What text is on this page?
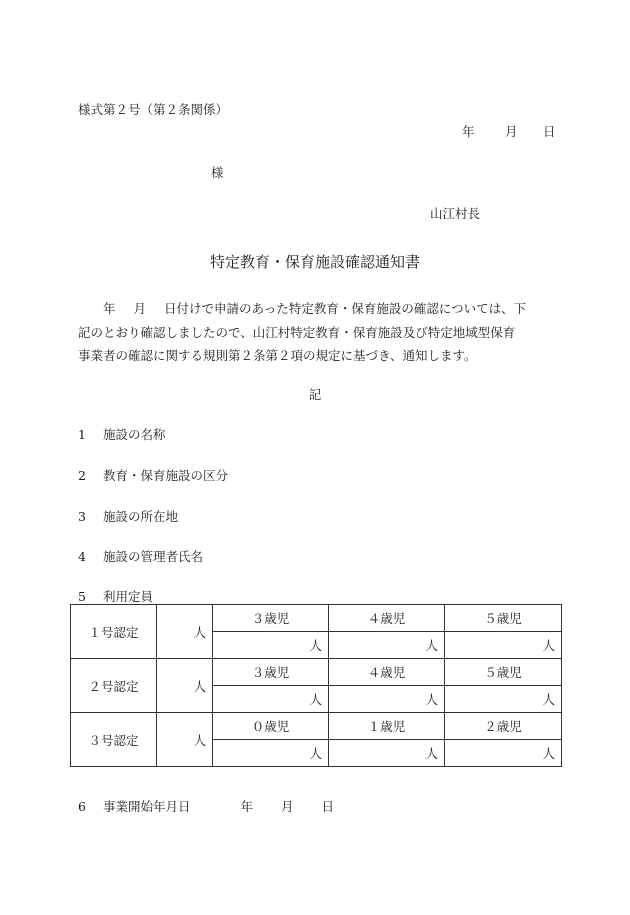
様式第２号（第２条関係）
年 月 日
様
山江村長
特定教育・保育施設確認通知書
年 月 日付けで申請のあった特定教育・保育施設の確認については、下
記のとおり確認しましたので、山江村特定教育・保育施設及び特定地域型保育
事業者の確認に関する規則第２条第２項の規定に基づき、通知します。
記
1 施設の名称
2 教育・保育施設の区分
3 施設の所在地
4 施設の管理者氏名
5 利用定員
１号認定	人	３歳児	４歳児	５歳児
		人	人	人
２号認定	人	３歳児	４歳児	５歳児
		人	人	人
３号認定	人	０歳児	１歳児	２歳児
		人	人	人
6 事業開始年月日	年 月 日
